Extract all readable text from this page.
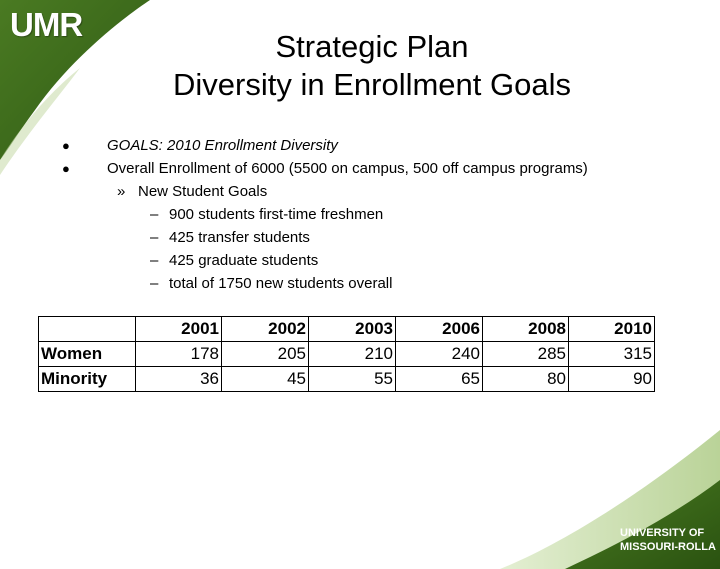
UMR
Strategic Plan
Diversity in Enrollment Goals
● GOALS: 2010 Enrollment Diversity
● Overall Enrollment of 6000 (5500 on campus, 500 off campus programs)
» New Student Goals
– 900 students first-time freshmen
– 425 transfer students
– 425 graduate students
– total of 1750 new students overall
	2001	2002	2003	2006	2008	2010
Women	178	205	210	240	285	315
Minority	36	45	55	65	80	90
UNIVERSITY OF
MISSOURI-ROLLA
